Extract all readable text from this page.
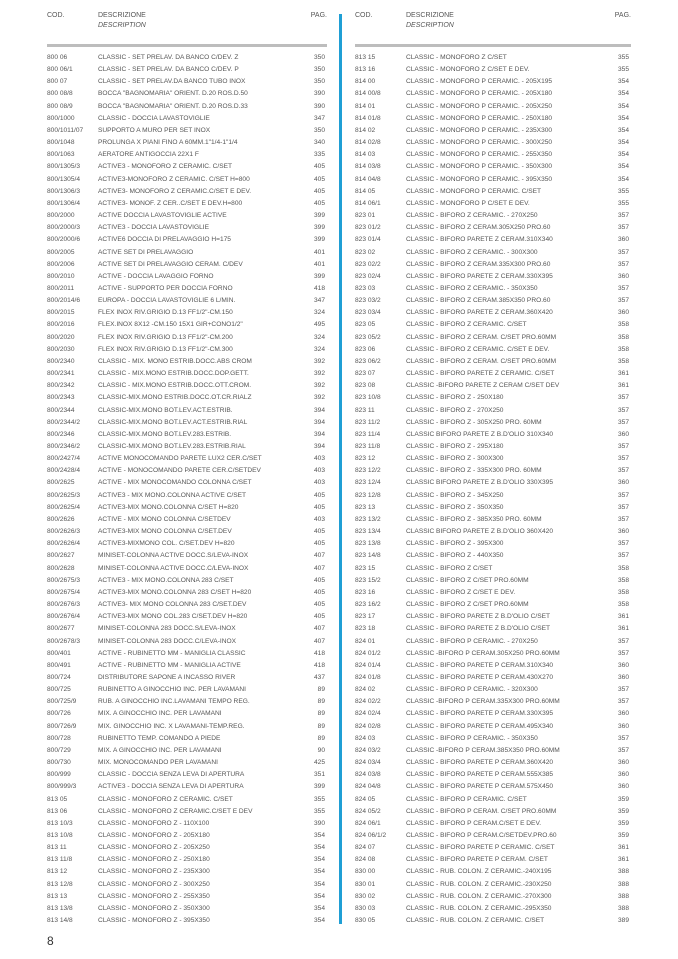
COD.	DESCRIZIONE
DESCRIPTION
PAG.
800 06	CLASSIC - SET PRELAV. DA BANCO C/DEV. Z	350
800 06/1	CLASSIC - SET PRELAV. DA BANCO C/DEV. P	350
800 07	CLASSIC - SET PRELAV.DA BANCO TUBO INOX	350
800 08/8	BOCCA "BAGNOMARIA" ORIENT. D.20 ROS.D.50	390
800 08/9	BOCCA "BAGNOMARIA" ORIENT. D.20 ROS.D.33	390
800/1000	CLASSIC - DOCCIA LAVASTOVIGLIE	347
800/1011/07 SUPPORTO A MURO PER SET INOX	350
800/1048	PROLUNGA X PIANI FINO A 60MM.1"1/4-1"1/4	340
800/1063	AERATORE ANTIGOCCIA 22X1 F	335
800/1305/3	ACTIVE3 - MONOFORO Z CERAMIC. C/SET	405
800/1305/4	ACTIVE3-MONOFORO Z CERAMIC. C/SET H=800	405
800/1306/3	ACTIVE3- MONOFORO Z CERAMIC.C/SET E DEV.	405
800/1306/4	ACTIVE3- MONOF. Z CER..C/SET E DEV.H=800	405
800/2000	ACTIVE DOCCIA LAVASTOVIGLIE ACTIVE	399
800/2000/3	ACTIVE3 - DOCCIA LAVASTOVIGLIE	399
800/2000/6	ACTIVE6 DOCCIA DI PRELAVAGGIO H=175	399
800/2005	ACTIVE SET DI PRELAVAGGIO	401
800/2006	ACTIVE SET DI PRELAVAGGIO CERAM. C/DEV	401
800/2010	ACTIVE - DOCCIA LAVAGGIO FORNO	399
800/2011	ACTIVE - SUPPORTO PER DOCCIA FORNO	418
800/2014/6	EUROPA - DOCCIA LAVASTOVIGLIE 6 L/MIN.	347
800/2015	FLEX INOX RIV.GRIGIO D.13 FF1/2"-CM.150	324
800/2016	FLEX.INOX 8X12 -CM.150 15X1 GIR+CONO1/2"	495
800/2020	FLEX INOX RIV.GRIGIO D.13 FF1/2"-CM.200	324
800/2030	FLEX INOX RIV.GRIGIO D.13 FF1/2"-CM.300	324
800/2340	CLASSIC - MIX. MONO ESTRIB.DOCC.ABS CROM	392
800/2341	CLASSIC - MIX.MONO ESTRIB.DOCC.DOP.GETT.	392
800/2342	CLASSIC - MIX.MONO ESTRIB.DOCC.OTT.CROM.	392
800/2343	CLASSIC-MIX.MONO ESTRIB.DOCC.OT.CR.RIALZ	392
800/2344	CLASSIC-MIX.MONO BOT.LEV.ACT.ESTRIB.	394
800/2344/2	CLASSIC-MIX.MONO BOT.LEV.ACT.ESTRIB.RIAL	394
800/2346	CLASSIC-MIX.MONO BOT.LEV.283.ESTRIB.	394
800/2346/2	CLASSIC-MIX.MONO BOT.LEV.283.ESTRIB.RIAL	394
800/2427/4	ACTIVE MONOCOMANDO PARETE LUX2 CER.C/SET	403
800/2428/4	ACTIVE - MONOCOMANDO PARETE CER.C/SETDEV	403
800/2625	ACTIVE - MIX MONOCOMANDO COLONNA C/SET	403
800/2625/3	ACTIVE3 - MIX MONO.COLONNA ACTIVE C/SET	405
800/2625/4	ACTIVE3-MIX MONO.COLONNA C/SET H=820	405
800/2626	ACTIVE - MIX MONO COLONNA C/SETDEV	403
800/2626/3	ACTIVE3-MIX MONO COLONNA C/SET.DEV	405
800/2626/4	ACTIVE3-MIXMONO COL. C/SET.DEV H=820	405
800/2627	MINISET-COLONNA ACTIVE DOCC.S/LEVA-INOX	407
800/2628	MINISET-COLONNA ACTIVE DOCC.C/LEVA-INOX	407
800/2675/3	ACTIVE3 - MIX MONO.COLONNA 283 C/SET	405
800/2675/4	ACTIVE3-MIX MONO.COLONNA 283 C/SET H=820	405
800/2676/3	ACTIVE3- MIX MONO COLONNA 283 C/SET.DEV	405
800/2676/4	ACTIVE3-MIX MONO COL.283 C/SET.DEV H=820	405
800/2677	MINISET-COLONNA 283 DOCC.S/LEVA-INOX	407
800/2678/3	MINISET-COLONNA 283 DOCC.C/LEVA-INOX	407
800/401	ACTIVE - RUBINETTO MM - MANIGLIA CLASSIC	418
800/491	ACTIVE - RUBINETTO MM - MANIGLIA ACTIVE	418
800/724	DISTRIBUTORE SAPONE A INCASSO RIVER	437
800/725	RUBINETTO A GINOCCHIO INC. PER LAVAMANI	89
800/725/9	RUB. A GINOCCHIO INC.LAVAMANI TEMPO REG.	89
800/726	MIX. A GINOCCHIO INC. PER LAVAMANI	89
800/726/9	MIX. GINOCCHIO INC. X LAVAMANI-TEMP.REG.	89
800/728	RUBINETTO TEMP. COMANDO A PIEDE	89
800/729	MIX. A GINOCCHIO INC. PER LAVAMANI	90
800/730	MIX. MONOCOMANDO PER LAVAMANI	425
800/999	CLASSIC - DOCCIA SENZA LEVA DI APERTURA	351
800/999/3	ACTIVE3 - DOCCIA SENZA LEVA DI APERTURA	399
813 05	CLASSIC - MONOFORO Z CERAMIC. C/SET	355
813 06	CLASSIC - MONOFORO Z CERAMIC.C/SET E DEV	355
813 10/3	CLASSIC - MONOFORO Z - 110X100	390
813 10/8	CLASSIC - MONOFORO Z - 205X180	354
813 11	CLASSIC - MONOFORO Z - 205X250	354
813 11/8	CLASSIC - MONOFORO Z - 250X180	354
813 12	CLASSIC - MONOFORO Z - 235X300	354
813 12/8	CLASSIC - MONOFORO Z - 300X250	354
813 13	CLASSIC - MONOFORO Z - 255X350	354
813 13/8	CLASSIC - MONOFORO Z - 350X300	354
813 14/8	CLASSIC - MONOFORO Z - 395X350	354
COD.	DESCRIZIONE
DESCRIPTION
PAG.
813 15	CLASSIC - MONOFORO Z C/SET	355
813 16	CLASSIC - MONOFORO Z C/SET E DEV.	355
814 00	CLASSIC - MONOFORO P CERAMIC. - 205X195	354
814 00/8	CLASSIC - MONOFORO P CERAMIC. - 205X180	354
814 01	CLASSIC - MONOFORO P CERAMIC. - 205X250	354
814 01/8	CLASSIC - MONOFORO P CERAMIC. - 250X180	354
814 02	CLASSIC - MONOFORO P CERAMIC. - 235X300	354
814 02/8	CLASSIC - MONOFORO P CERAMIC. - 300X250	354
814 03	CLASSIC - MONOFORO P CERAMIC. - 255X350	354
814 03/8	CLASSIC - MONOFORO P CERAMIC. - 350X300	354
814 04/8	CLASSIC - MONOFORO P CERAMIC. - 395X350	354
814 05	CLASSIC - MONOFORO P CERAMIC. C/SET	355
814 06/1	CLASSIC - MONOFORO P C/SET E DEV.	355
823 01	CLASSIC - BIFORO Z CERAMIC. - 270X250	357
823 01/2	CLASSIC - BIFORO Z CERAM.305X250 PRO.60	357
823 01/4	CLASSIC - BIFORO PARETE Z CERAM.310X340	360
823 02	CLASSIC - BIFORO Z CERAMIC. - 300X300	357
823 02/2	CLASSIC - BIFORO Z CERAM.335X300 PRO.60	357
823 02/4	CLASSIC - BIFORO PARETE Z CERAM.330X395	360
823 03	CLASSIC - BIFORO Z CERAMIC. - 350X350	357
823 03/2	CLASSIC - BIFORO Z CERAM.385X350 PRO.60	357
823 03/4	CLASSIC - BIFORO PARETE Z CERAM.360X420	360
823 05	CLASSIC - BIFORO Z CERAMIC. C/SET	358
823 05/2	CLASSIC - BIFORO Z CERAM. C/SET PRO.60MM	358
823 06	CLASSIC - BIFORO Z CERAMIC. C/SET E DEV.	358
823 06/2	CLASSIC - BIFORO Z CERAM. C/SET PRO.60MM	358
823 07	CLASSIC - BIFORO PARETE Z CERAMIC. C/SET	361
823 08	CLASSIC -BIFORO PARETE Z CERAM C/SET DEV	361
823 10/8	CLASSIC - BIFORO Z - 250X180	357
823 11	CLASSIC - BIFORO Z - 270X250	357
823 11/2	CLASSIC - BIFORO Z - 305X250 PRO. 60MM	357
823 11/4	CLASSIC BIFORO PARETE Z B.D'OLIO 310X340	360
823 11/8	CLASSIC - BIFORO Z - 295X180	357
823 12	CLASSIC - BIFORO Z - 300X300	357
823 12/2	CLASSIC - BIFORO Z - 335X300 PRO. 60MM	357
823 12/4	CLASSIC BIFORO PARETE Z B.D'OLIO 330X395	360
823 12/8	CLASSIC - BIFORO Z - 345X250	357
823 13	CLASSIC - BIFORO Z - 350X350	357
823 13/2	CLASSIC - BIFORO Z - 385X350 PRO. 60MM	357
823 13/4	CLASSIC BIFORO PARETE Z B.D'OLIO 360X420	360
823 13/8	CLASSIC - BIFORO Z - 395X300	357
823 14/8	CLASSIC - BIFORO Z - 440X350	357
823 15	CLASSIC - BIFORO Z C/SET	358
823 15/2	CLASSIC - BIFORO Z C/SET PRO.60MM	358
823 16	CLASSIC - BIFORO Z C/SET E DEV.	358
823 16/2	CLASSIC - BIFORO Z C/SET PRO.60MM	358
823 17	CLASSIC - BIFORO PARETE Z B.D'OLIO C/SET	361
823 18	CLASSIC - BIFORO PARETE Z B.D'OLIO C/SET	361
824 01	CLASSIC - BIFORO P CERAMIC. - 270X250	357
824 01/2	CLASSIC -BIFORO P CERAM.305X250 PRO.60MM	357
824 01/4	CLASSIC - BIFORO PARETE P CERAM.310X340	360
824 01/8	CLASSIC - BIFORO PARETE P CERAM.430X270	360
824 02	CLASSIC - BIFORO P CERAMIC. - 320X300	357
824 02/2	CLASSIC -BIFORO P CERAM.335X300 PRO.60MM	357
824 02/4	CLASSIC - BIFORO PARETE P CERAM.330X395	360
824 02/8	CLASSIC - BIFORO PARETE P CERAM.495X340	360
824 03	CLASSIC - BIFORO P CERAMIC. - 350X350	357
824 03/2	CLASSIC -BIFORO P CERAM.385X350 PRO.60MM	357
824 03/4	CLASSIC - BIFORO PARETE P CERAM.360X420	360
824 03/8	CLASSIC - BIFORO PARETE P CERAM.555X385	360
824 04/8	CLASSIC - BIFORO PARETE P CERAM.575X450	360
824 05	CLASSIC - BIFORO P CERAMIC. C/SET	359
824 05/2	CLASSIC - BIFORO P CERAM. C/SET PRO.60MM	359
824 06/1	CLASSIC - BIFORO P CERAM.C/SET E DEV.	359
824 06/1/2	CLASSIC - BIFORO P CERAM.C/SETDEV.PRO.60	359
824 07	CLASSIC - BIFORO PARETE P CERAMIC. C/SET	361
824 08	CLASSIC - BIFORO PARETE P CERAM. C/SET	361
830 00	CLASSIC - RUB. COLON. Z CERAMIC.-240X195	388
830 01	CLASSIC - RUB. COLON. Z CERAMIC.-230X250	388
830 02	CLASSIC - RUB. COLON. Z CERAMIC.-270X300	388
830 03	CLASSIC - RUB. COLON. Z CERAMIC.-295X350	388
830 05	CLASSIC - RUB. COLON. Z CERAMIC. C/SET	389
8
